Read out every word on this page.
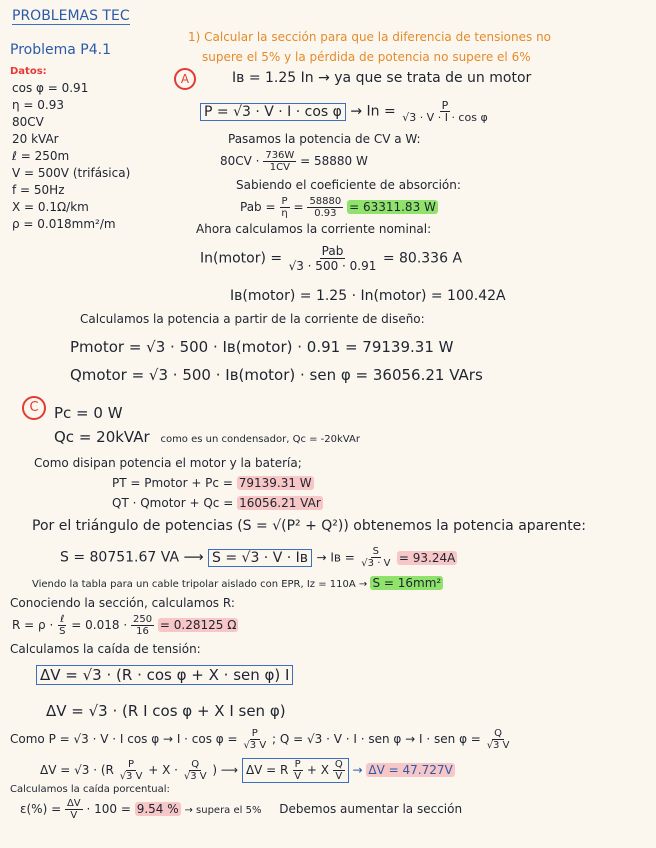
PROBLEMAS TEC
Problema P4.1
1) Calcular la sección para que la diferencia de tensiones no
supere el 5% y la pérdida de potencia no supere el 6%
Datos:
cos φ = 0.91
η = 0.93
80CV
20 kVAr
ℓ = 250m
V = 500V (trifásica)
f = 50Hz
X = 0.1Ω/km
ρ = 0.018mm²/m
A	Iв = 1.25 In → ya que se trata de un motor
$P = √3 \cdot V \cdot I \cdot \cos \varphi \to In = \frac{P}{\text{√3 · V · I · cos φ}}$
Pasamos la potencia de CV a W:
$80CV \cdot \frac{736W}{1CV} = 58880$ W
Sabiendo el coeficiente de absorción:
Pab = $\frac{P}{\eta} = \frac{58880}{0.93} = 63311.83$ W
Ahora calculamos la corriente nominal:
In(motor) = $\frac{\text{Pab}}{√3 \cdot 500 \cdot 0.91} = 80.336$ A
Iв(motor) = 1.25 · In(motor) = 100.42A
Calculamos la potencia a partir de la corriente de diseño:
Pmotor = √3 · 500 · Iв(motor) · 0.91 = 79139.31 W
Qmotor = √3 · 500 · Iв(motor) · sen φ = 36056.21 VArs
C	Pc = 0 W
Qc = 20kVAr como es un condensador, Qc = -20kVAr
Como disipan potencia el motor y la batería;
PT = Pmotor + Pc = 79139.31 W
QT · Qmotor + Qc = 16056.21 VAr
Por el triángulo de potencias (S = √(P² + Q²)) obtenemos la potencia aparente:
S = 80751.67 VA ⟶ S = √3 · V · Iв → Iв = $\frac{S}{√3 \cdot V} = 93.24A$
Viendo la tabla para un cable tripolar aislado con EPR, Iz = 110A → S = 16mm²
Conociendo la sección, calculamos R:
$R = \rho \cdot \frac{\text{ℓ}}{S} = 0.018 \cdot \frac{250}{16} = 0.28125$ Ω
Calculamos la caída de tensión:
ΔV = √3 · (R · cos φ + X · sen φ) I
ΔV = √3 · (R I cos φ + X I sen φ)
Como P = √3 · V · I $\cos \varphi \to I \cdot \cos \varphi = \frac{P}{√3 V}$ ; Q = √3 · V · I · sen φ → I · sen $\varphi = \frac{Q}{√3 V}$
$\Delta V = √3 \cdot (R \frac{P}{√3 V} + X \cdot \frac{Q}{√3 V}$ ) ⟶ ΔV = R $\frac{P}{V} + X \frac{Q}{V} \to \Delta V = 47.727V$
Calculamos la caída porcentual:
$\varepsilon(\%) = \frac{\Delta V}{V} \cdot 100 = 9.54$ % → supera el 5% Debemos aumentar la sección
